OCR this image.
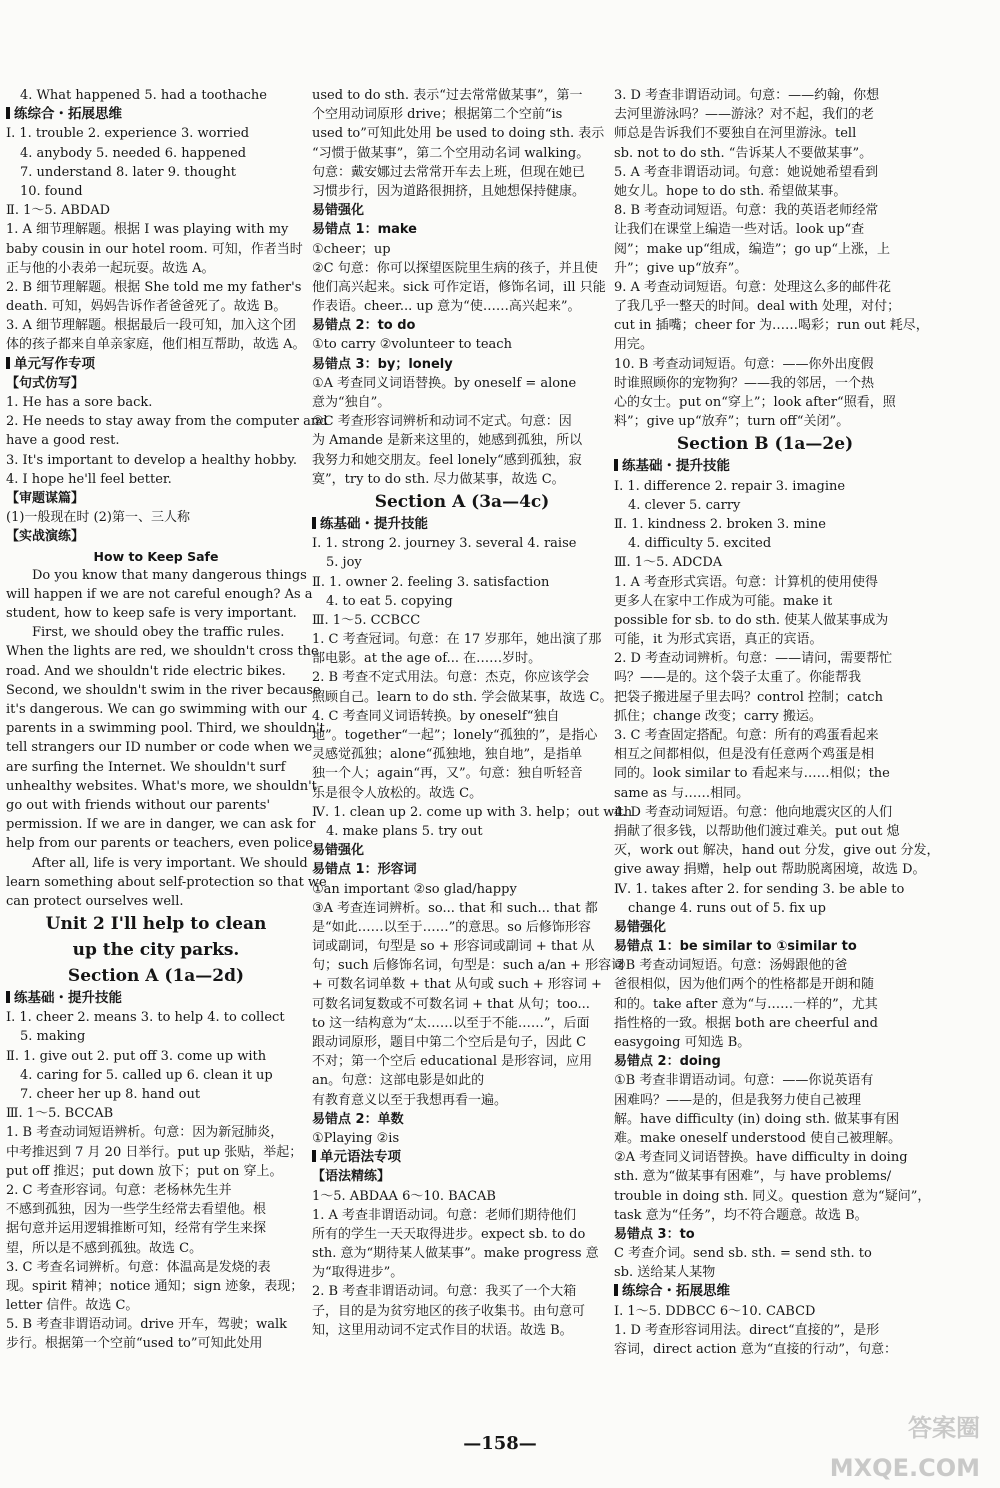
4. What happened 5. had a toothache
练综合・拓展思维
Ⅰ. 1. trouble 2. experience 3. worried
4. anybody 5. needed 6. happened
7. understand 8. later 9. thought
10. found
Ⅱ. 1～5. ABDAD
1. A 细节理解题。根据 I was playing with my
baby cousin in our hotel room. 可知，作者当时
正与他的小表弟一起玩耍。故选 A。
2. B 细节理解题。根据 She told me my father's
death. 可知，妈妈告诉作者爸爸死了。故选 B。
3. A 细节理解题。根据最后一段可知，加入这个团
体的孩子都来自单亲家庭，他们相互帮助，故选 A。
单元写作专项
【句式仿写】
1. He has a sore back.
2. He needs to stay away from the computer and
have a good rest.
3. It's important to develop a healthy hobby.
4. I hope he'll feel better.
【审题谋篇】
(1)一般现在时 (2)第一、三人称
【实战演练】
How to Keep Safe
Do you know that many dangerous things
will happen if we are not careful enough? As a
student, how to keep safe is very important.
First, we should obey the traffic rules.
When the lights are red, we shouldn't cross the
road. And we shouldn't ride electric bikes.
Second, we shouldn't swim in the river because
it's dangerous. We can go swimming with our
parents in a swimming pool. Third, we shouldn't
tell strangers our ID number or code when we
are surfing the Internet. We shouldn't surf
unhealthy websites. What's more, we shouldn't
go out with friends without our parents'
permission. If we are in danger, we can ask for
help from our parents or teachers, even police.
After all, life is very important. We should
learn something about self-protection so that we
can protect ourselves well.
Unit 2 I'll help to clean
up the city parks.
Section A (1a—2d)
练基础・提升技能
Ⅰ. 1. cheer 2. means 3. to help 4. to collect
5. making
Ⅱ. 1. give out 2. put off 3. come up with
4. caring for 5. called up 6. clean it up
7. cheer her up 8. hand out
Ⅲ. 1～5. BCCAB
1. B 考查动词短语辨析。句意：因为新冠肺炎，
中考推迟到 7 月 20 日举行。put up 张贴，举起；
put off 推迟；put down 放下；put on 穿上。
2. C 考查形容词。句意：老杨林先生并
不感到孤独，因为一些学生经常去看望他。根
据句意并运用逻辑推断可知，经常有学生来探
望，所以是不感到孤独。故选 C。
3. C 考查名词辨析。句意：体温高是发烧的表
现。spirit 精神；notice 通知；sign 迹象，表现；
letter 信件。故选 C。
5. B 考查非谓语动词。drive 开车，驾驶；walk
步行。根据第一个空前“used to”可知此处用
used to do sth. 表示“过去常常做某事”，第一
个空用动词原形 drive；根据第二个空前“is
used to”可知此处用 be used to doing sth. 表示
“习惯于做某事”，第二个空用动名词 walking。
句意：戴安娜过去常常开车去上班，但现在她已
习惯步行，因为道路很拥挤，且她想保持健康。
易错强化
易错点 1：make
①cheer；up
②C 句意：你可以探望医院里生病的孩子，并且使
他们高兴起来。sick 可作定语，修饰名词，ill 只能
作表语。cheer... up 意为“使……高兴起来”。
易错点 2：to do
①to carry ②volunteer to teach
易错点 3：by；lonely
①A 考查同义词语替换。by oneself = alone
意为“独自”。
②C 考查形容词辨析和动词不定式。句意：因
为 Amande 是新来这里的，她感到孤独，所以
我努力和她交朋友。feel lonely“感到孤独，寂
寞”，try to do sth. 尽力做某事，故选 C。
Section A (3a—4c)
练基础・提升技能
Ⅰ. 1. strong 2. journey 3. several 4. raise
5. joy
Ⅱ. 1. owner 2. feeling 3. satisfaction
4. to eat 5. copying
Ⅲ. 1～5. CCBCC
1. C 考查冠词。句意：在 17 岁那年，她出演了那
部电影。at the age of... 在……岁时。
2. B 考查不定式用法。句意：杰克，你应该学会
照顾自己。learn to do sth. 学会做某事，故选 C。
4. C 考查同义词语转换。by oneself“独自
地”。together“一起”；lonely“孤独的”，是指心
灵感觉孤独；alone“孤独地，独自地”，是指单
独一个人；again“再，又”。句意：独自听轻音
乐是很令人放松的。故选 C。
Ⅳ. 1. clean up 2. come up with 3. help；out with
4. make plans 5. try out
易错强化
易错点 1：形容词
①an important ②so glad/happy
③A 考查连词辨析。so... that 和 such... that 都
是“如此……以至于……”的意思。so 后修饰形容
词或副词，句型是 so + 形容词或副词 + that 从
句；such 后修饰名词，句型是：such a/an + 形容词
+ 可数名词单数 + that 从句或 such + 形容词 +
可数名词复数或不可数名词 + that 从句；too...
to 这一结构意为“太……以至于不能……”，后面
跟动词原形，题目中第二个空后是句子，因此 C
不对；第一个空后 educational 是形容词，应用
an。句意：这部电影是如此的
有教育意义以至于我想再看一遍。
易错点 2：单数
①Playing ②is
单元语法专项
【语法精练】
1～5. ABDAA 6～10. BACAB
1. A 考查非谓语动词。句意：老师们期待他们
所有的学生一天天取得进步。expect sb. to do
sth. 意为“期待某人做某事”。make progress 意
为“取得进步”。
2. B 考查非谓语动词。句意：我买了一个大箱
子，目的是为贫穷地区的孩子收集书。由句意可
知，这里用动词不定式作目的状语。故选 B。
3. D 考查非谓语动词。句意：——约翰，你想
去河里游泳吗？——游泳？对不起，我们的老
师总是告诉我们不要独自在河里游泳。tell
sb. not to do sth. “告诉某人不要做某事”。
5. A 考查非谓语动词。句意：她说她希望看到
她女儿。hope to do sth. 希望做某事。
8. B 考查动词短语。句意：我的英语老师经常
让我们在课堂上编造一些对话。look up“查
阅”；make up“组成，编造”；go up“上涨，上
升”；give up“放弃”。
9. A 考查动词短语。句意：处理这么多的邮件花
了我几乎一整天的时间。deal with 处理，对付；
cut in 插嘴；cheer for 为……喝彩；run out 耗尽，
用完。
10. B 考查动词短语。句意：——你外出度假
时谁照顾你的宠物狗？——我的邻居，一个热
心的女士。put on“穿上”；look after“照看，照
料”；give up“放弃”；turn off“关闭”。
Section B (1a—2e)
练基础・提升技能
Ⅰ. 1. difference 2. repair 3. imagine
4. clever 5. carry
Ⅱ. 1. kindness 2. broken 3. mine
4. difficulty 5. excited
Ⅲ. 1～5. ADCDA
1. A 考查形式宾语。句意：计算机的使用使得
更多人在家中工作成为可能。make it
possible for sb. to do sth. 使某人做某事成为
可能，it 为形式宾语，真正的宾语。
2. D 考查动词辨析。句意：——请问，需要帮忙
吗？——是的。这个袋子太重了。你能帮我
把袋子搬进屋子里去吗？control 控制；catch
抓住；change 改变；carry 搬运。
3. C 考查固定搭配。句意：所有的鸡蛋看起来
相互之间都相似，但是没有任意两个鸡蛋是相
同的。look similar to 看起来与……相似；the
same as 与……相同。
4. D 考查动词短语。句意：他向地震灾区的人们
捐献了很多钱，以帮助他们渡过难关。put out 熄
灭，work out 解决，hand out 分发，give out 分发，
give away 捐赠，help out 帮助脱离困境，故选 D。
Ⅳ. 1. takes after 2. for sending 3. be able to
change 4. runs out of 5. fix up
易错强化
易错点 1：be similar to ①similar to
②B 考查动词短语。句意：汤姆跟他的爸
爸很相似，因为他们两个的性格都是开朗和随
和的。take after 意为“与……一样的”，尤其
指性格的一致。根据 both are cheerful and
easygoing 可知选 B。
易错点 2：doing
①B 考查非谓语动词。句意：——你说英语有
困难吗？——是的，但是我努力使自己被理
解。have difficulty (in) doing sth. 做某事有困
难。make oneself understood 使自己被理解。
②A 考查同义词语替换。have difficulty in doing
sth. 意为“做某事有困难”，与 have problems/
trouble in doing sth. 同义。question 意为“疑问”，
task 意为“任务”，均不符合题意。故选 B。
易错点 3：to
C 考查介词。send sb. sth. = send sth. to
sb. 送给某人某物
练综合・拓展思维
Ⅰ. 1～5. DDBCC 6～10. CABCD
1. D 考查形容词用法。direct“直接的”，是形
容词，direct action 意为“直接的行动”，句意：
—158—
答案圈 MXQE.COM
